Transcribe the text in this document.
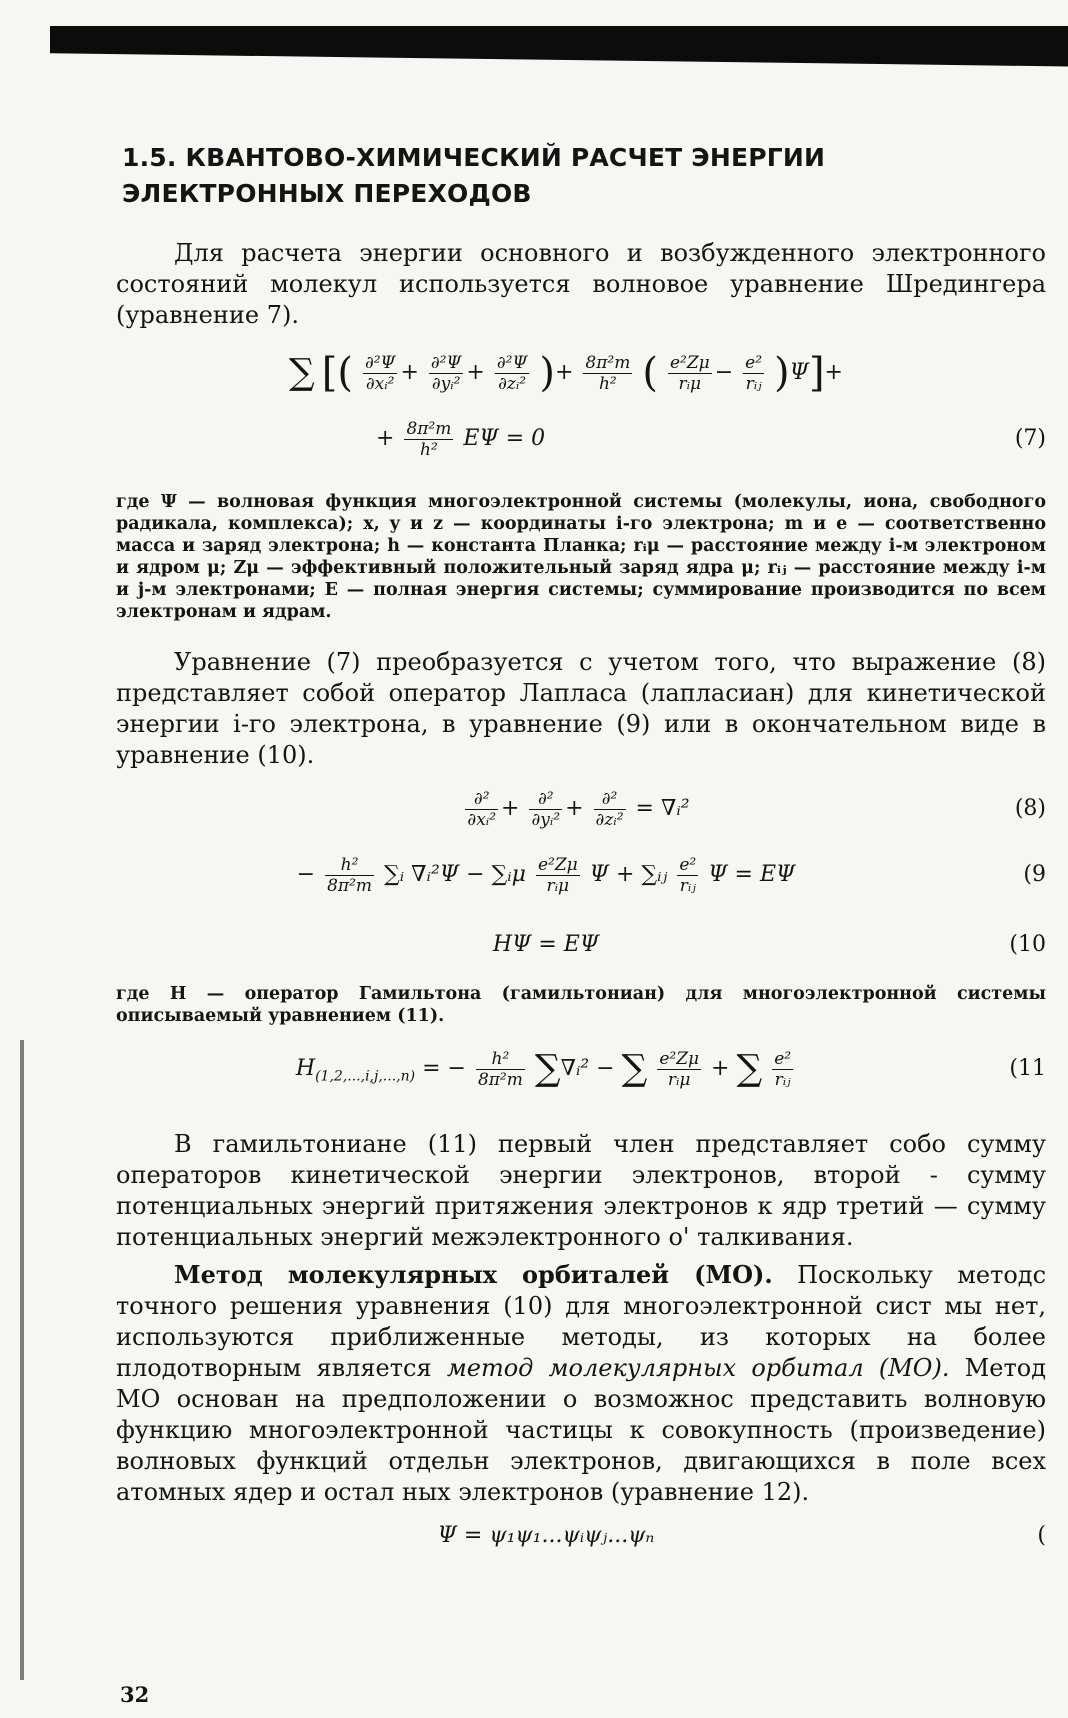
1.5. КВАНТОВО-ХИМИЧЕСКИЙ РАСЧЕТ ЭНЕРГИИ
ЭЛЕКТРОННЫХ ПЕРЕХОДОВ

Для расчета энергии основного и возбужденного электронного состояний молекул используется волновое уравнение Шредингера (уравнение 7).

∑ [( $\frac{\text{∂²Ψ}}{\text{∂xᵢ²}} + \frac{\text{∂²Ψ}}{\text{∂yᵢ²}} + \frac{\text{∂²Ψ}}{\text{∂zᵢ²}}$ )+ $\frac{\text{8π²m}}{\text{h²}}$ ( $\frac{\text{e²Zμ}}{\text{rᵢμ}} - \frac{\text{e²}}{\text{rᵢⱼ}} )\Psi]+$
+ $\frac{\text{8π²m}}{\text{h²}}$ EΨ = 0	(7)

где Ψ — волновая функция многоэлектронной системы (молекулы, иона, свободного радикала, комплекса); x, y и z — координаты i-го электрона; m и e — соответственно масса и заряд электрона; h — константа Планка; rᵢμ — расстояние между i-м электроном и ядром μ; Zμ — эффективный положительный заряд ядра μ; rᵢⱼ — расстояние между i-м и j-м электронами; E — полная энергия системы; суммирование производится по всем электронам и ядрам.

Уравнение (7) преобразуется с учетом того, что выражение (8) представляет собой оператор Лапласа (лапласиан) для кинетической энергии i-го электрона, в уравнение (9) или в окончательном виде в уравнение (10).

$\frac{\text{∂²}}{\text{∂xᵢ²}} + \frac{\text{∂²}}{\text{∂yᵢ²}} + \frac{\text{∂²}}{\text{∂zᵢ²}}$ = ∇ᵢ²	(8)
− $\frac{\text{h²}}{\text{8π²m}}$ ∑ᵢ ∇ᵢ²Ψ − ∑ᵢμ $\frac{\text{e²Zμ}}{\text{rᵢμ}}$ Ψ + ∑ᵢⱼ $\frac{\text{e²}}{\text{rᵢⱼ}}$ Ψ = EΨ	(9
HΨ = EΨ	(10

где H — оператор Гамильтона (гамильтониан) для многоэлектронной системы описываемый уравнением (11).

$H_{(1,2,...,i,j,...,n)}$ = − $\frac{\text{h²}}{\text{8π²m}}$ ∑∇ᵢ² − ∑ $\frac{\text{e²Zμ}}{\text{rᵢμ}}$ + ∑ $\frac{\text{e²}}{\text{rᵢⱼ}}$	(11

В гамильтониане (11) первый член представляет собо сумму операторов кинетической энергии электронов, второй - сумму потенциальных энергий притяжения электронов к ядр третий — сумму потенциальных энергий межэлектронного о' талкивания.

Метод молекулярных орбиталей (МО). Поскольку методс точного решения уравнения (10) для многоэлектронной сист мы нет, используются приближенные методы, из которых на более плодотворным является метод молекулярных орбитал (МО). Метод МО основан на предположении о возможнос представить волновую функцию многоэлектронной частицы к совокупность (произведение) волновых функций отдельн электронов, двигающихся в поле всех атомных ядер и остал ных электронов (уравнение 12).

Ψ = ψ₁ψ₁...ψᵢψⱼ...ψₙ	(
32
